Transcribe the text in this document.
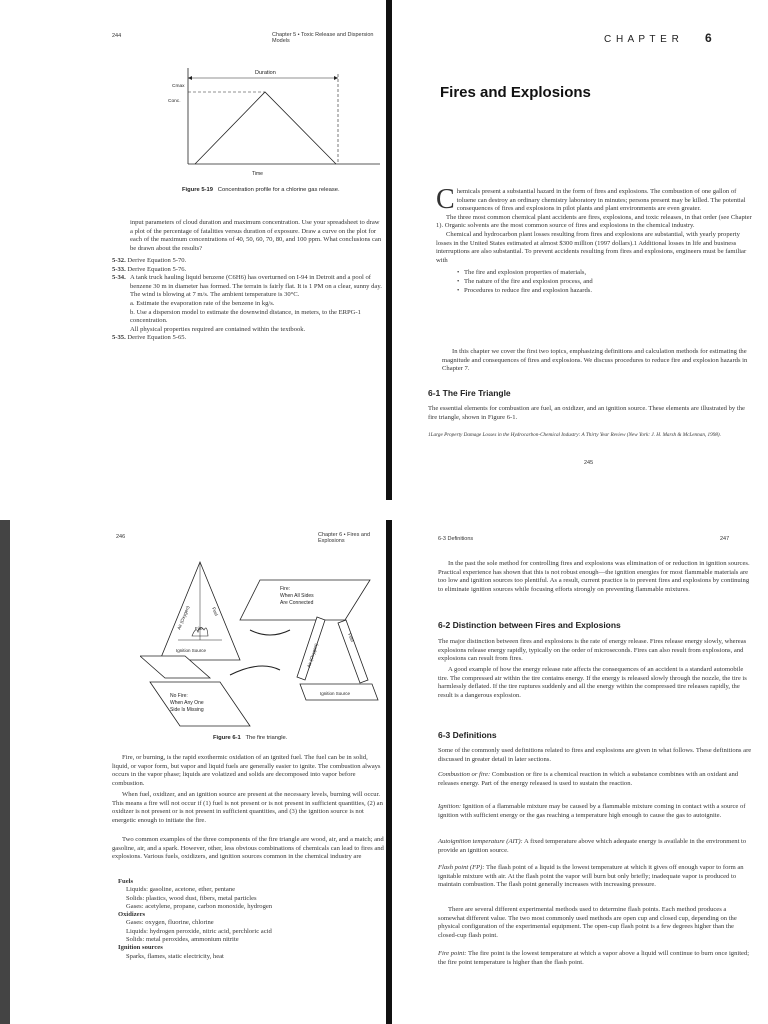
244	Chapter 5 • Toxic Release and Dispersion Models
Duration
Cmax
Conc.
Time
Figure 5-19 Concentration profile for a chlorine gas release.

input parameters of cloud duration and maximum concentration. Use your spreadsheet to draw a plot of the percentage of fatalities versus duration of exposure. Draw a curve on the plot for each of the maximum concentrations of 40, 50, 60, 70, 80, and 100 ppm. What conclusions can be drawn about the results?

5-32. Derive Equation 5-70.
5-33. Derive Equation 5-76.
5-34. A tank truck hauling liquid benzene (C6H6) has overturned on I-94 in Detroit and a pool of benzene 30 m in diameter has formed. The terrain is fairly flat. It is 1 PM on a clear, sunny day. The wind is blowing at 7 m/s. The ambient temperature is 30°C.
a. Estimate the evaporation rate of the benzene in kg/s.
b. Use a dispersion model to estimate the downwind distance, in meters, to the ERPG-1 concentration.
All physical properties required are contained within the textbook.
5-35. Derive Equation 5-65.
C H A P T E R 6
Fires and Explosions
C hemicals present a substantial hazard in the form of fires and explosions. The combustion of one gallon of toluene can destroy an ordinary chemistry laboratory in minutes; persons present may be killed. The potential consequences of fires and explosions in pilot plants and plant environments are even greater.
The three most common chemical plant accidents are fires, explosions, and toxic releases, in that order (see Chapter 1). Organic solvents are the most common source of fires and explosions in the chemical industry.
Chemical and hydrocarbon plant losses resulting from fires and explosions are substantial, with yearly property losses in the United States estimated at almost $300 million (1997 dollars).1 Additional losses in life and business interruptions are also substantial. To prevent accidents resulting from fires and explosions, engineers must be familiar with
• The fire and explosion properties of materials,
• The nature of the fire and explosion process, and
• Procedures to reduce fire and explosion hazards.

In this chapter we cover the first two topics, emphasizing definitions and calculation methods for estimating the magnitude and consequences of fires and explosions. We discuss procedures to reduce fire and explosion hazards in Chapter 7.

6-1 The Fire Triangle

The essential elements for combustion are fuel, an oxidizer, and an ignition source. These elements are illustrated by the fire triangle, shown in Figure 6-1.

1Large Property Damage Losses in the Hydrocarbon-Chemical Industry: A Thirty Year Review (New York: J. H. Marsh & McLennan, 1998).

245
246	Chapter 6 • Fires and Explosions
Fire:
When All Sides
Are Connected
Air (Oxygen)	Fuel
Fire
Ignition Source	Air (Oxygen)
Fuel
Ignition Source
No Fire:
When Any One
Side Is Missing
Figure 6-1 The fire triangle.

Fire, or burning, is the rapid exothermic oxidation of an ignited fuel. The fuel can be in solid, liquid, or vapor form, but vapor and liquid fuels are generally easier to ignite. The combustion always occurs in the vapor phase; liquids are volatized and solids are decomposed into vapor before combustion.

When fuel, oxidizer, and an ignition source are present at the necessary levels, burning will occur. This means a fire will not occur if (1) fuel is not present or is not present in sufficient quantities, (2) an oxidizer is not present or is not present in sufficient quantities, and (3) the ignition source is not energetic enough to initiate the fire.

Two common examples of the three components of the fire triangle are wood, air, and a match; and gasoline, air, and a spark. However, other, less obvious combinations of chemicals can lead to fires and explosions. Various fuels, oxidizers, and ignition sources common in the chemical industry are

Fuels
Liquids: gasoline, acetone, ether, pentane
Solids: plastics, wood dust, fibers, metal particles
Gases: acetylene, propane, carbon monoxide, hydrogen
Oxidizers
Gases: oxygen, fluorine, chlorine
Liquids: hydrogen peroxide, nitric acid, perchloric acid
Solids: metal peroxides, ammonium nitrite
Ignition sources
Sparks, flames, static electricity, heat
6-3 Definitions	247

In the past the sole method for controlling fires and explosions was elimination of or reduction in ignition sources. Practical experience has shown that this is not robust enough—the ignition energies for most flammable materials are too low and ignition sources too plentiful. As a result, current practice is to prevent fires and explosions by continuing to eliminate ignition sources while focusing efforts strongly on preventing flammable mixtures.

6-2 Distinction between Fires and Explosions

The major distinction between fires and explosions is the rate of energy release. Fires release energy slowly, whereas explosions release energy rapidly, typically on the order of microseconds. Fires can also result from explosions, and explosions can result from fires.

A good example of how the energy release rate affects the consequences of an accident is a standard automobile tire. The compressed air within the tire contains energy. If the energy is released slowly through the nozzle, the tire is harmlessly deflated. If the tire ruptures suddenly and all the energy within the compressed tire releases rapidly, the result is a dangerous explosion.

6-3 Definitions

Some of the commonly used definitions related to fires and explosions are given in what follows. These definitions are discussed in greater detail in later sections.

Combustion or fire: Combustion or fire is a chemical reaction in which a substance combines with an oxidant and releases energy. Part of the energy released is used to sustain the reaction.

Ignition: Ignition of a flammable mixture may be caused by a flammable mixture coming in contact with a source of ignition with sufficient energy or the gas reaching a temperature high enough to cause the gas to autoignite.

Autoignition temperature (AIT): A fixed temperature above which adequate energy is available in the environment to provide an ignition source.

Flash point (FP): The flash point of a liquid is the lowest temperature at which it gives off enough vapor to form an ignitable mixture with air. At the flash point the vapor will burn but only briefly; inadequate vapor is produced to maintain combustion. The flash point generally increases with increasing pressure.

There are several different experimental methods used to determine flash points. Each method produces a somewhat different value. The two most commonly used methods are open cup and closed cup, depending on the physical configuration of the experimental equipment. The open-cup flash point is a few degrees higher than the closed-cup flash point.

Fire point: The fire point is the lowest temperature at which a vapor above a liquid will continue to burn once ignited; the fire point temperature is higher than the flash point.
